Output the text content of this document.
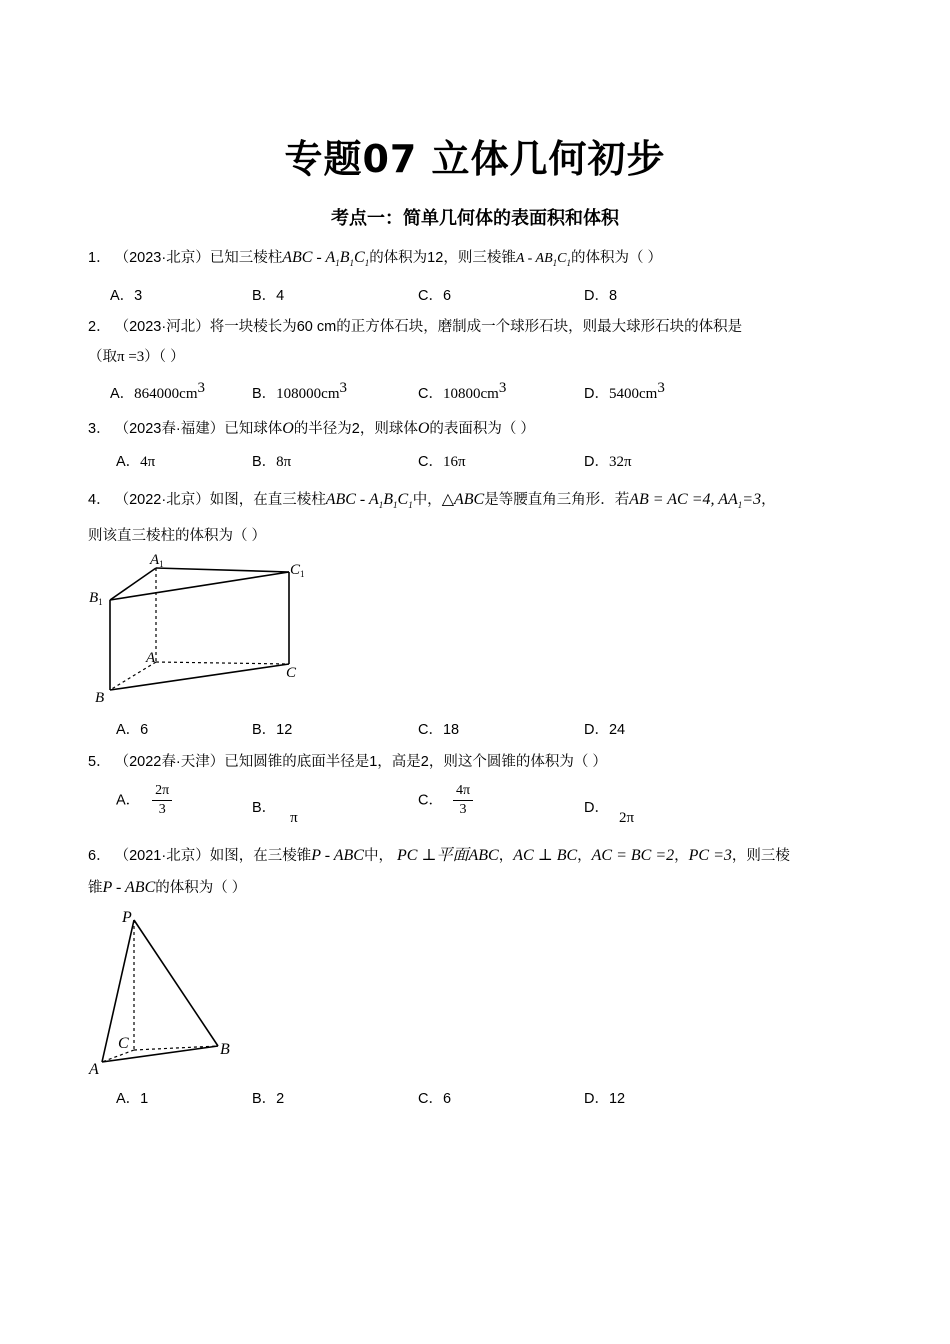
专题07 立体几何初步
考点一：简单几何体的表面积和体积
1． （2023·北京）已知三棱柱ABC - $A_1B_1C_1$的体积为12，则三棱锥A - $AB_1C_1$的体积为（ ）
A．3	B．4	C．6	D．8
2． （2023·河北）将一块棱长为60 cm的正方体石块，磨制成一个球形石块，则最大球形石块的体积是
（取π =3）（ ）
A．$864000cm^3$	B．$108000cm^3$	C．$10800cm^3$	D．$5400cm^3$
3． （2023春·福建）已知球体O的半径为2，则球体O的表面积为（ ）
A．4π	B．8π	C．16π	D．32π
4． （2022·北京）如图，在直三棱柱ABC - $A_1B_1C_1$中，△ABC是等腰直角三角形．若AB = AC =4, $AA_1=3$，
则该直三棱柱的体积为（ ）
$A_1$	$C_1$
$B_1$
A
C
B
A．6	B．12	C．18	D．24
5． （2022春·天津）已知圆锥的底面半径是1，高是2，则这个圆锥的体积为（ ）
A． $\frac{2\pi}{3}$	B．π
C． $\frac{4\pi}{3}$	D．2π
6． （2021·北京）如图，在三棱锥P - ABC中， PC ⊥平面ABC，AC ⊥ BC，AC = BC =2，PC =3，则三棱
锥P - ABC的体积为（ ）
P
C	B
A
A．1	B．2	C．6	D．12
